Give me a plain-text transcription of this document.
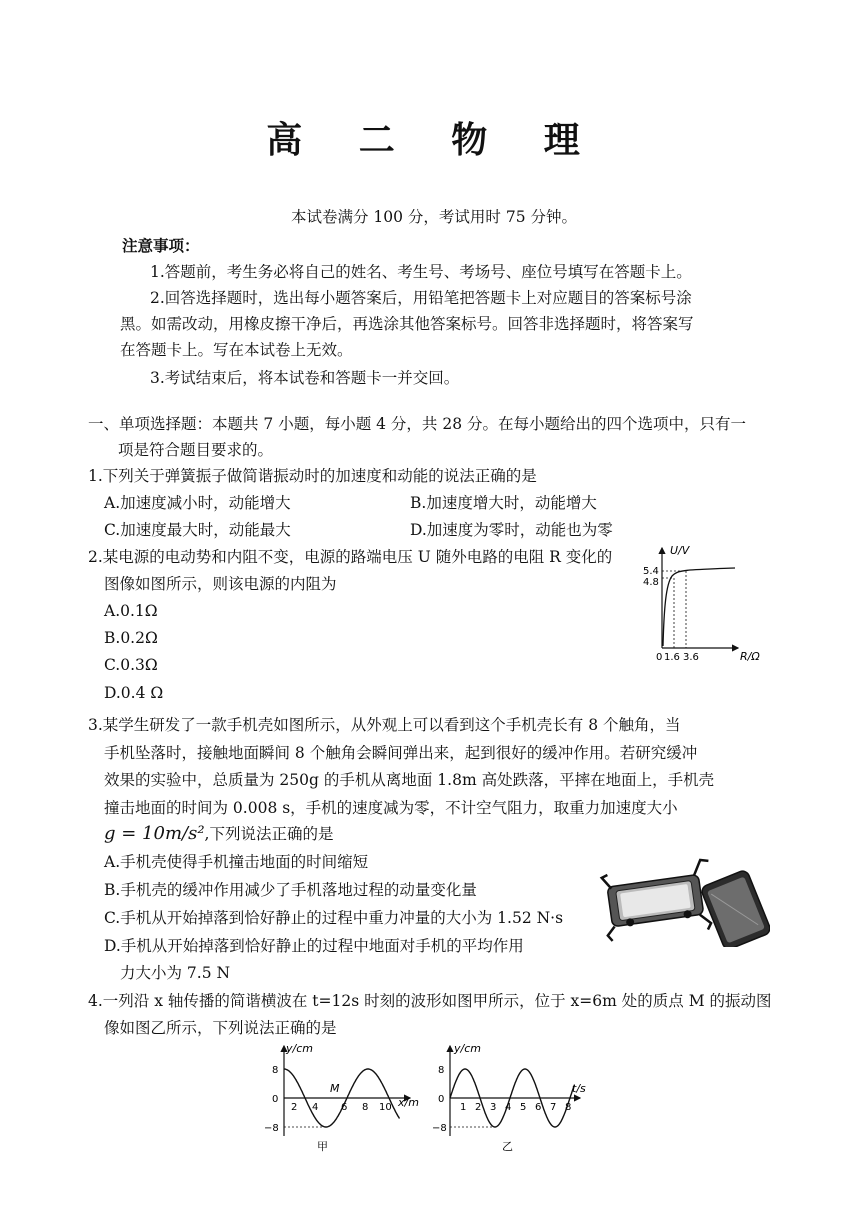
高 二 物 理
本试卷满分 100 分，考试用时 75 分钟。
注意事项：
1.答题前，考生务必将自己的姓名、考生号、考场号、座位号填写在答题卡上。
2.回答选择题时，选出每小题答案后，用铅笔把答题卡上对应题目的答案标号涂
黑。如需改动，用橡皮擦干净后，再选涂其他答案标号。回答非选择题时，将答案写
在答题卡上。写在本试卷上无效。
3.考试结束后，将本试卷和答题卡一并交回。
一、单项选择题：本题共 7 小题，每小题 4 分，共 28 分。在每小题给出的四个选项中，只有一
项是符合题目要求的。
1.下列关于弹簧振子做简谐振动时的加速度和动能的说法正确的是
A.加速度减小时，动能增大	B.加速度增大时，动能增大
C.加速度最大时，动能最大	D.加速度为零时，动能也为零
2.某电源的电动势和内阻不变，电源的路端电压 U 随外电路的电阻 R 变化的
图像如图所示，则该电源的内阻为
A.0.1Ω
B.0.2Ω
C.0.3Ω
D.0.4 Ω
U/V
R/Ω
5.4
4.8
0 1.6 3.6
3.某学生研发了一款手机壳如图所示，从外观上可以看到这个手机壳长有 8 个触角，当
手机坠落时，接触地面瞬间 8 个触角会瞬间弹出来，起到很好的缓冲作用。若研究缓冲
效果的实验中，总质量为 250g 的手机从离地面 1.8m 高处跌落，平摔在地面上，手机壳
撞击地面的时间为 0.008 s，手机的速度减为零，不计空气阻力，取重力加速度大小
g = 10m/s²,下列说法正确的是
A.手机壳使得手机撞击地面的时间缩短
B.手机壳的缓冲作用减少了手机落地过程的动量变化量
C.手机从开始掉落到恰好静止的过程中重力冲量的大小为 1.52 N·s
D.手机从开始掉落到恰好静止的过程中地面对手机的平均作用
力大小为 7.5 N
4.一列沿 x 轴传播的简谐横波在 t=12s 时刻的波形如图甲所示，位于 x=6m 处的质点 M 的振动图
像如图乙所示，下列说法正确的是
y/cm
x/m
8
0
−8
2 4 6 8 10
M
甲
y/cm
t/s
8
0
−8
1 2 3 4 5 6 7 8
乙
